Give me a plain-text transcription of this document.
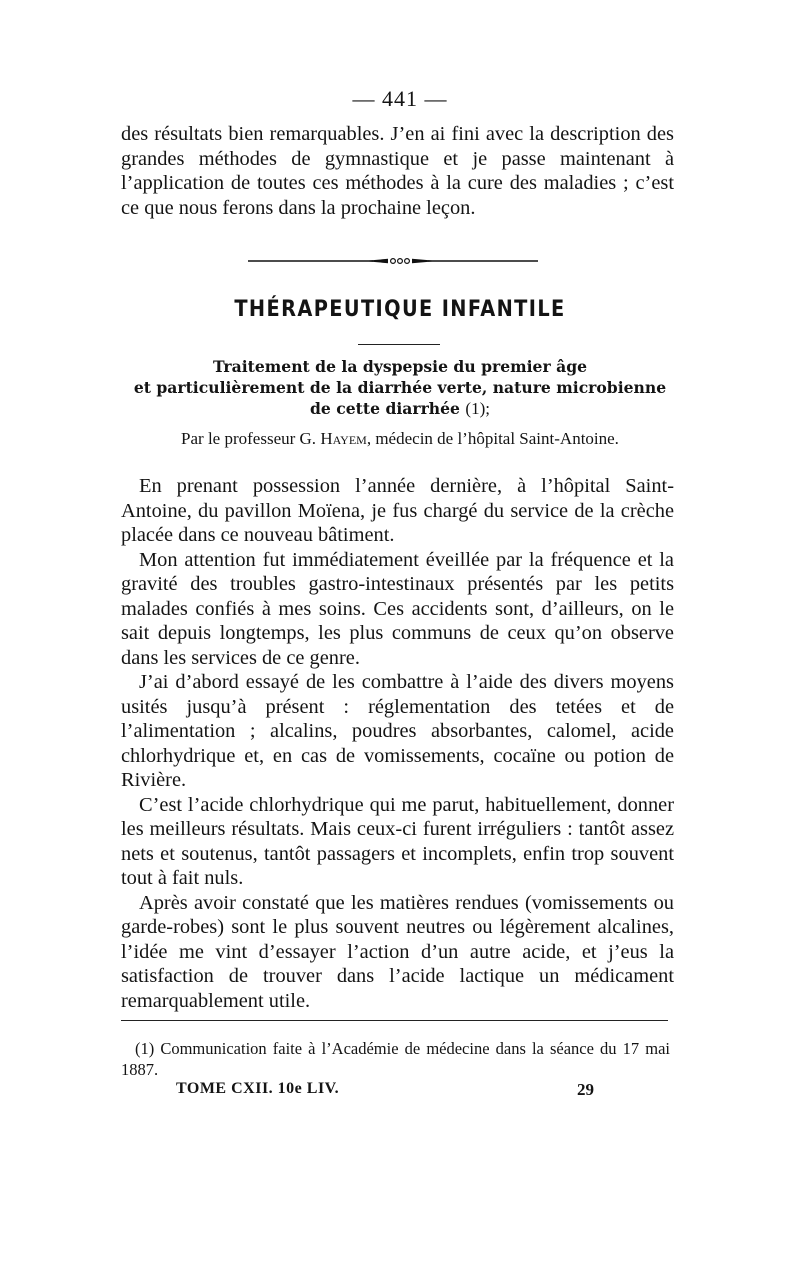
— 441 —

des résultats bien remarquables. J’en ai fini avec la description des grandes méthodes de gymnastique et je passe maintenant à l’application de toutes ces méthodes à la cure des maladies ; c’est ce que nous ferons dans la prochaine leçon.

THÉRAPEUTIQUE INFANTILE
Traitement de la dyspepsie du premier âge
et particulièrement de la diarrhée verte, nature microbienne
de cette diarrhée (1);
Par le professeur G. Hayem, médecin de l’hôpital Saint-Antoine.
En prenant possession l’année dernière, à l’hôpital Saint-Antoine, du pavillon Moïena, je fus chargé du service de la crèche placée dans ce nouveau bâtiment.
Mon attention fut immédiatement éveillée par la fréquence et la gravité des troubles gastro-intestinaux présentés par les petits malades confiés à mes soins. Ces accidents sont, d’ailleurs, on le sait depuis longtemps, les plus communs de ceux qu’on observe dans les services de ce genre.
J’ai d’abord essayé de les combattre à l’aide des divers moyens usités jusqu’à présent : réglementation des tetées et de l’alimentation ; alcalins, poudres absorbantes, calomel, acide chlorhydrique et, en cas de vomissements, cocaïne ou potion de Rivière.
C’est l’acide chlorhydrique qui me parut, habituellement, donner les meilleurs résultats. Mais ceux-ci furent irréguliers : tantôt assez nets et soutenus, tantôt passagers et incomplets, enfin trop souvent tout à fait nuls.
Après avoir constaté que les matières rendues (vomissements ou garde-robes) sont le plus souvent neutres ou légèrement alcalines, l’idée me vint d’essayer l’action d’un autre acide, et j’eus la satisfaction de trouver dans l’acide lactique un médicament remarquablement utile.

(1) Communication faite à l’Académie de médecine dans la séance du 17 mai 1887.

TOME CXII. 10e LIV.	29
